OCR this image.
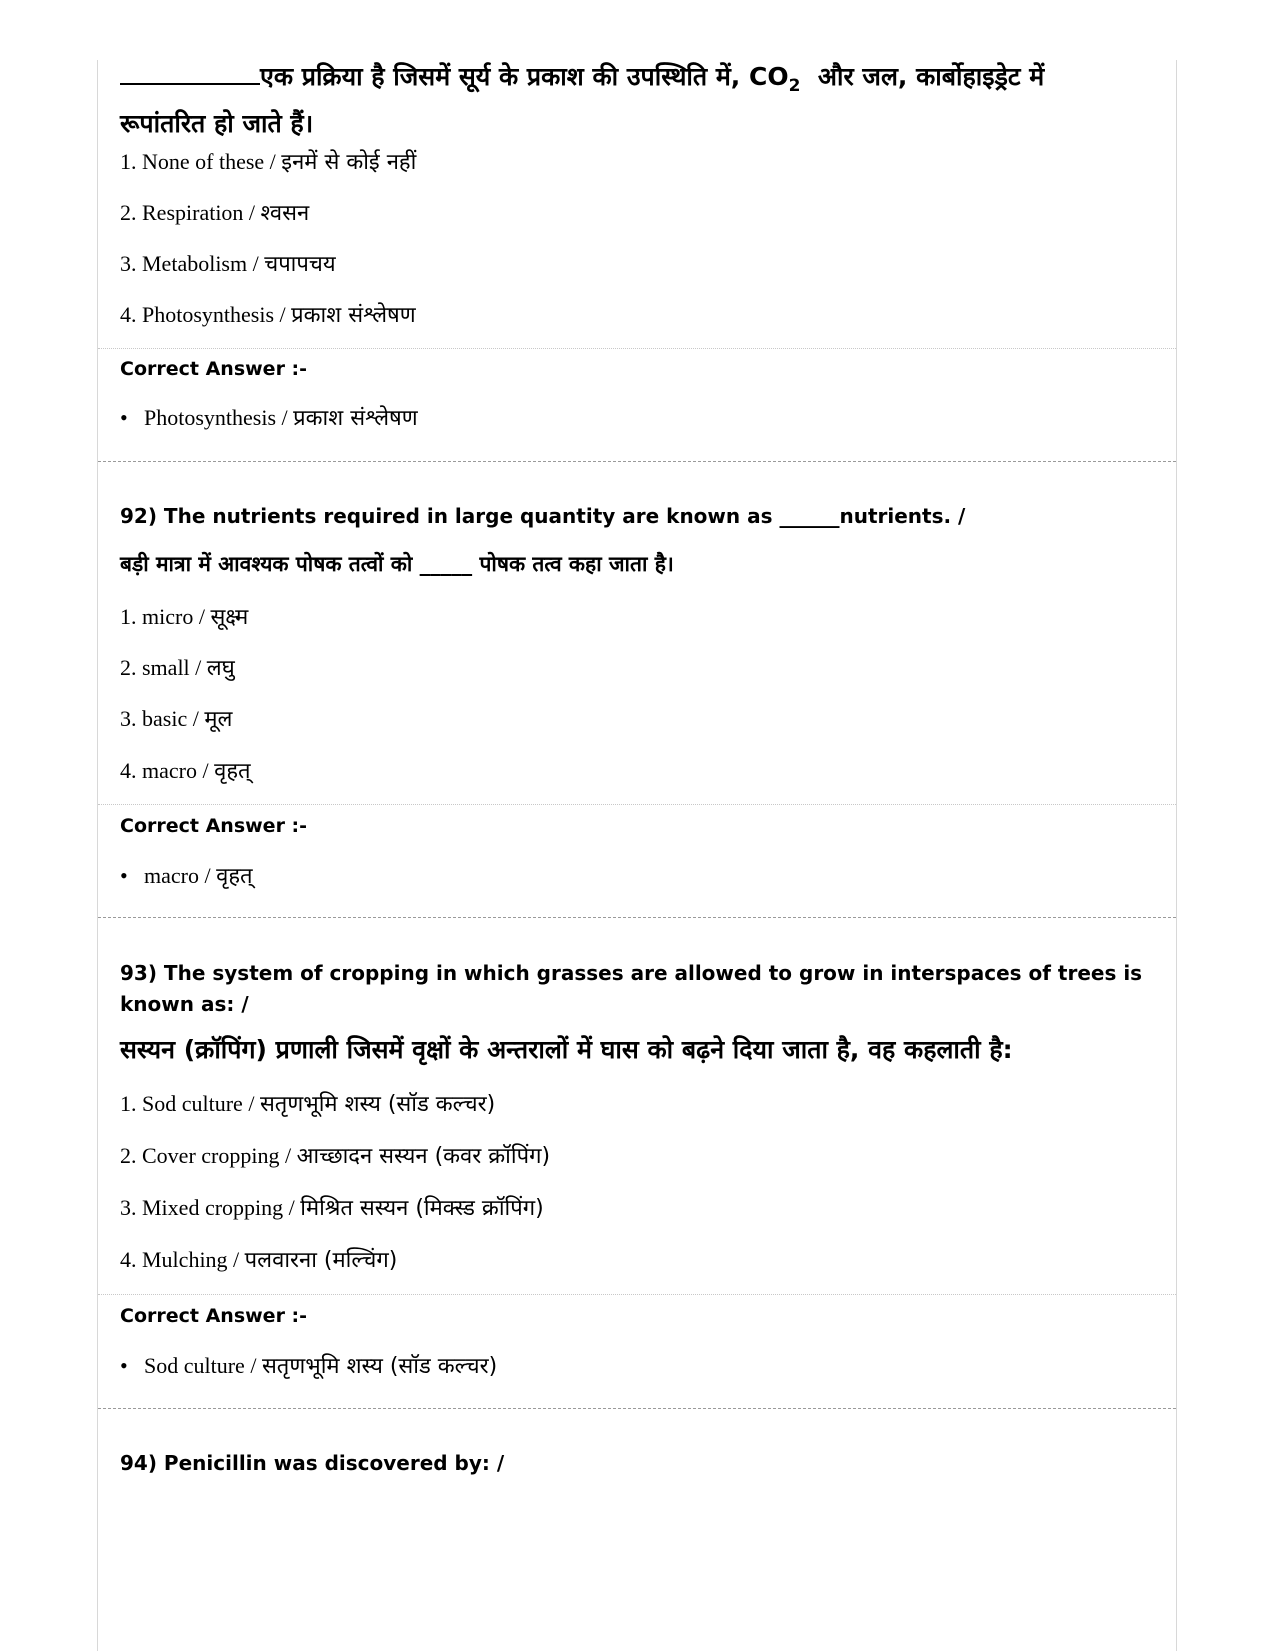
एक प्रक्रिया है जिसमें सूर्य के प्रकाश की उपस्थिति में, $CO_2$ और जल, कार्बोहाइड्रेट में
रूपांतरित हो जाते हैं।
1. None of these / इनमें से कोई नहीं
2. Respiration / श्वसन
3. Metabolism / चपापचय
4. Photosynthesis / प्रकाश संश्लेषण
Correct Answer :-
• Photosynthesis / प्रकाश संश्लेषण
92) The nutrients required in large quantity are known as ______nutrients. /
बड़ी मात्रा में आवश्यक पोषक तत्वों को _____ पोषक तत्व कहा जाता है।
1. micro / सूक्ष्म
2. small / लघु
3. basic / मूल
4. macro / वृहत्
Correct Answer :-
• macro / वृहत्
93) The system of cropping in which grasses are allowed to grow in interspaces of trees is
known as: /
सस्यन (क्रॉपिंग) प्रणाली जिसमें वृक्षों के अन्तरालों में घास को बढ़ने दिया जाता है, वह कहलाती है:
1. Sod culture / सतृणभूमि शस्य (सॉड कल्चर)
2. Cover cropping / आच्छादन सस्यन (कवर क्रॉपिंग)
3. Mixed cropping / मिश्रित सस्यन (मिक्स्ड क्रॉपिंग)
4. Mulching / पलवारना (मल्चिंग)
Correct Answer :-
• Sod culture / सतृणभूमि शस्य (सॉड कल्चर)
94) Penicillin was discovered by: /
